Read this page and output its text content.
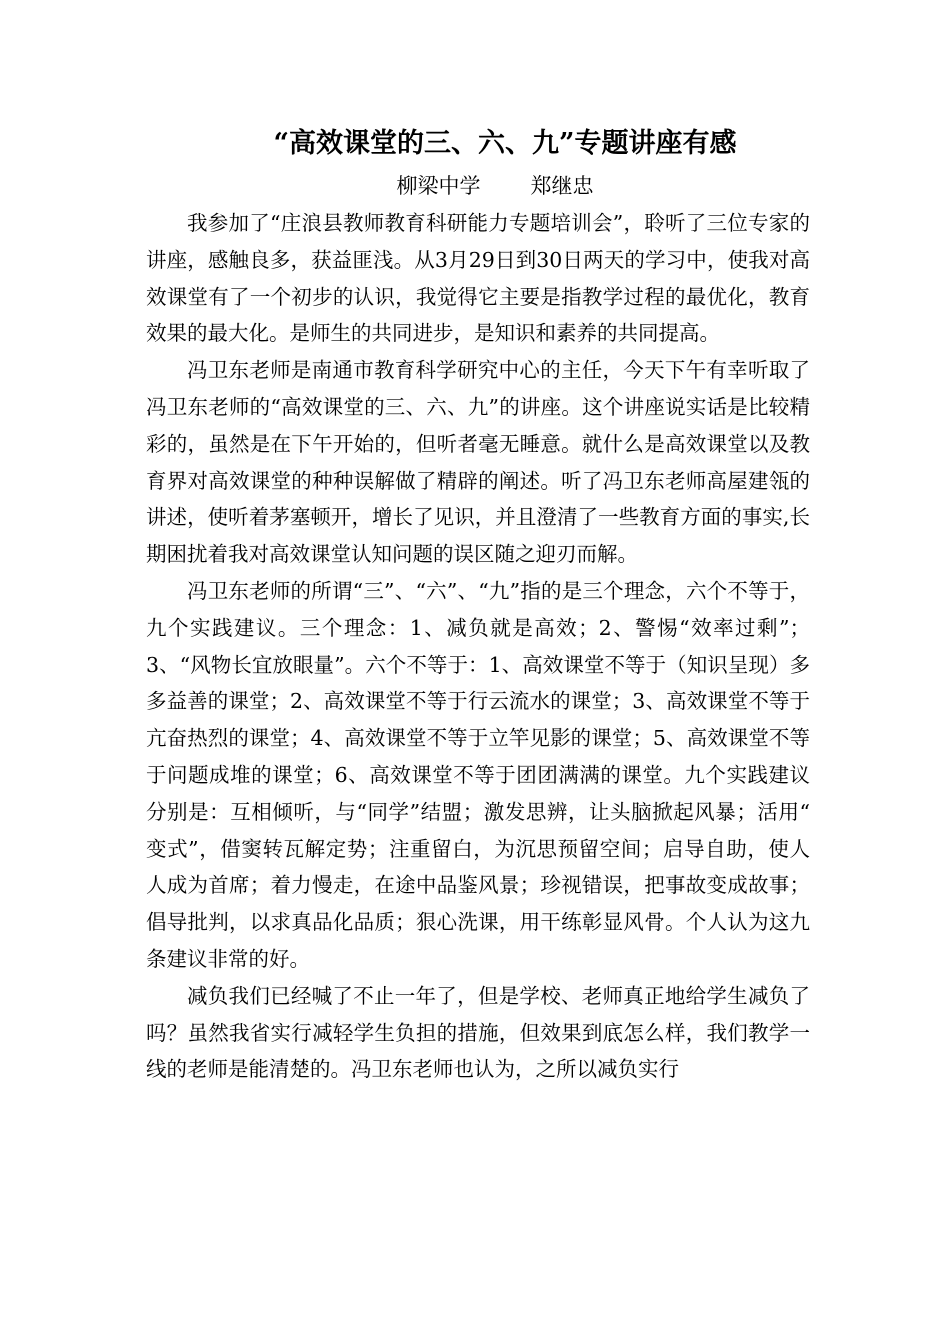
“高效课堂的三、六、九”专题讲座有感
柳梁中学 郑继忠

我参加了“庄浪县教师教育科研能力专题培训会”，聆听了三位专家的讲座，感触良多，获益匪浅。从3月29日到30日两天的学习中，使我对高效课堂有了一个初步的认识，我觉得它主要是指教学过程的最优化，教育效果的最大化。是师生的共同进步，是知识和素养的共同提高。

冯卫东老师是南通市教育科学研究中心的主任，今天下午有幸听取了冯卫东老师的“高效课堂的三、六、九”的讲座。这个讲座说实话是比较精彩的，虽然是在下午开始的，但听者毫无睡意。就什么是高效课堂以及教育界对高效课堂的种种误解做了精辟的阐述。听了冯卫东老师高屋建瓴的讲述，使听着茅塞顿开，增长了见识，并且澄清了一些教育方面的事实,长期困扰着我对高效课堂认知问题的误区随之迎刃而解。

冯卫东老师的所谓“三”、“六”、“九”指的是三个理念，六个不等于，九个实践建议。三个理念：1、减负就是高效；2、警惕“效率过剩”；3、“风物长宜放眼量”。六个不等于：1、高效课堂不等于（知识呈现）多多益善的课堂；2、高效课堂不等于行云流水的课堂；3、高效课堂不等于亢奋热烈的课堂；4、高效课堂不等于立竿见影的课堂；5、高效课堂不等于问题成堆的课堂；6、高效课堂不等于团团满满的课堂。九个实践建议分别是：互相倾听，与“同学”结盟；激发思辨，让头脑掀起风暴；活用“　变式”，借窦转瓦解定势；注重留白，为沉思预留空间；启导自助，使人人成为首席；着力慢走，在途中品鉴风景；珍视错误，把事故变成故事；倡导批判，以求真品化品质；狠心洗课，用干练彰显风骨。个人认为这九条建议非常的好。

减负我们已经喊了不止一年了，但是学校、老师真正地给学生减负了吗？虽然我省实行减轻学生负担的措施，但效果到底怎么样，我们教学一线的老师是能清楚的。冯卫东老师也认为，之所以减负实行
